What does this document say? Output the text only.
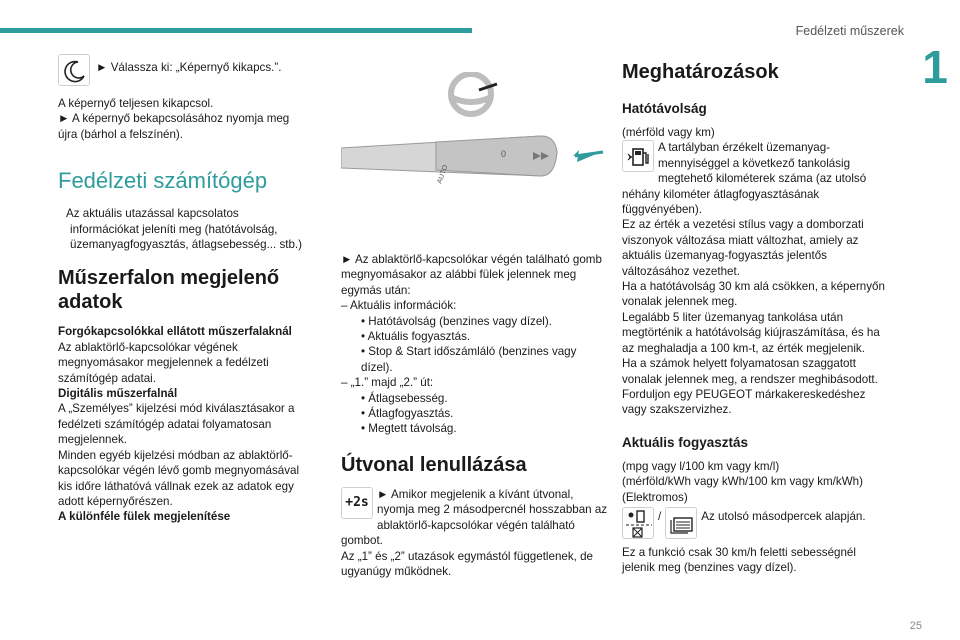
Fedélzeti műszerek
1
25

► Válassza ki: „Képernyő kikapcs.”.

A képernyő teljesen kikapcsol.

► A képernyő bekapcsolásához nyomja meg újra (bárhol a felszínén).

Fedélzeti számítógép

Az aktuális utazással kapcsolatos információkat jeleníti meg (hatótávolság, üzemanyagfogyasztás, átlagsebesség... stb.)

Műszerfalon megjelenő adatok

Forgókapcsolókkal ellátott műszerfalaknál

Az ablaktörlő-kapcsolókar végének megnyomásakor megjelennek a fedélzeti számítógép adatai.

Digitális műszerfalnál

A „Személyes” kijelzési mód kiválasztásakor a fedélzeti számítógép adatai folyamatosan megjelennek.

Minden egyéb kijelzési módban az ablaktörlő-kapcsolókar végén lévő gomb megnyomásával kis időre láthatóvá vállnak ezek az adatok egy adott képernyőrészen.

A különféle fülek megjelenítése

0
AUTO

► Az ablaktörlő-kapcsolókar végén található gomb megnyomásakor az alábbi fülek jelennek meg egymás után:

– Aktuális információk:

• Hatótávolság (benzines vagy dízel).

• Aktuális fogyasztás.

• Stop & Start időszámláló (benzines vagy dízel).

– „1.” majd „2.” út:

• Átlagsebesség.

• Átlagfogyasztás.

• Megtett távolság.

Útvonal lenullázása
+2s

► Amikor megjelenik a kívánt útvonal, nyomja meg 2 másodpercnél hosszabban az ablaktörlő-kapcsolókar végén található gombot.

Az „1” és „2” utazások egymástól függetlenek, de ugyanúgy működnek.

Meghatározások
Hatótávolság

(mérföld vagy km)

A tartályban érzékelt üzemanyag-mennyiséggel a következő tankolásig megtehető kilométerek száma (az utolsó néhány kilométer átlagfogyasztásának függvényében).

Ez az érték a vezetési stílus vagy a domborzati viszonyok változása miatt változhat, amiely az aktuális üzemanyag-fogyasztás jelentős változásához vezethet.

Ha a hatótávolság 30 km alá csökken, a képernyőn vonalak jelennek meg.

Legalább 5 liter üzemanyag tankolása után megtörténik a hatótávolság kiújraszámítása, és ha az meghaladja a 100 km-t, az érték megjelenik.

Ha a számok helyett folyamatosan szaggatott vonalak jelennek meg, a rendszer meghibásodott.

Forduljon egy PEUGEOT márkakereskedéshez vagy szakszervizhez.

Aktuális fogyasztás

(mpg vagy l/100 km vagy km/l)

(mérföld/kWh vagy kWh/100 km vagy km/kWh)

(Elektromos)

/	Az utolsó másodpercek alapján.

Ez a funkció csak 30 km/h feletti sebességnél jelenik meg (benzines vagy dízel).
